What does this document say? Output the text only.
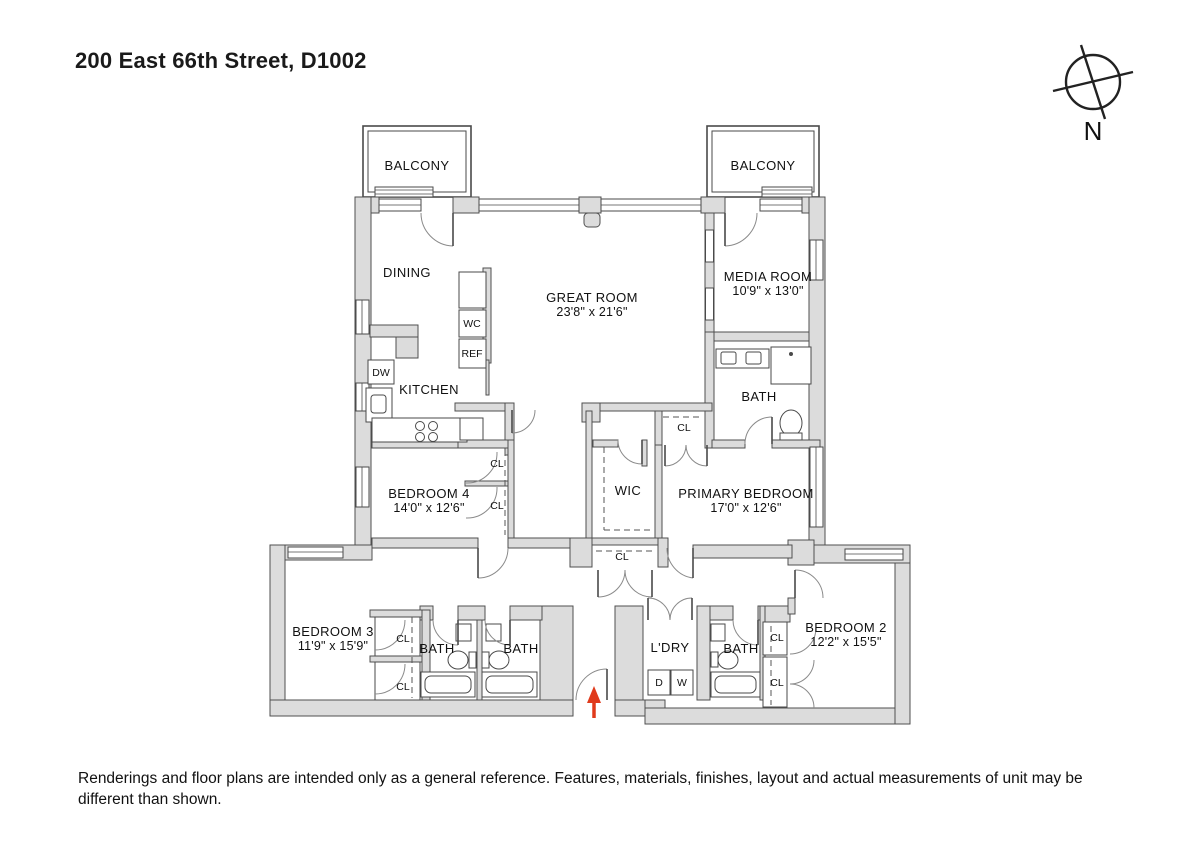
200 East 66th Street, D1002
N
BALCONY	BALCONY
DINING
GREAT ROOM
23'8" x 21'6"
MEDIA ROOM
10'9" x 13'0"
KITCHEN	BATH
BEDROOM 4
14'0" x 12'6"
WIC	PRIMARY BEDROOM
17'0" x 12'6"
BEDROOM 3
11'9" x 15'9"
BEDROOM 2
12'2" x 15'5"
BATH	BATH	BATH
L'DRY
WC
REF
DW
D W
CL
CL
CL
CL
CL
CL
CL
CL
Renderings and floor plans are intended only as a general reference. Features, materials, finishes, layout and actual measurements of unit may be different than shown.
